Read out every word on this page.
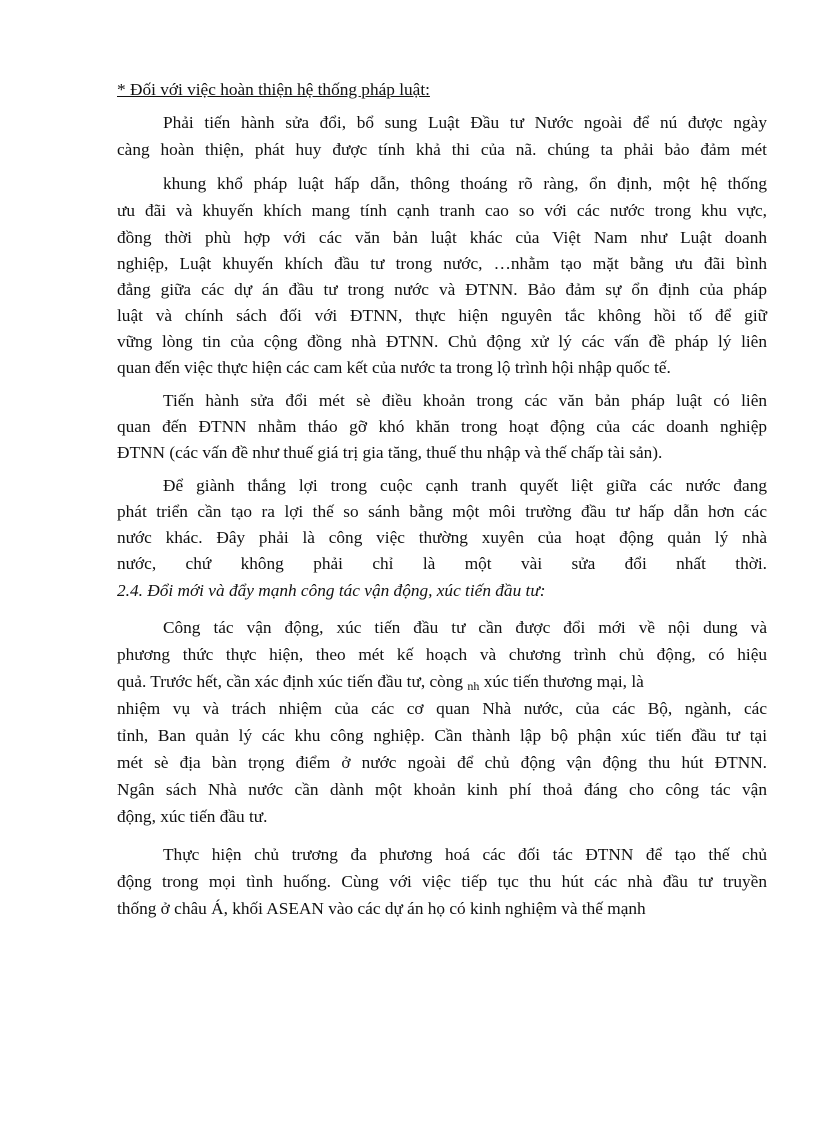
* Đối với việc hoàn thiện hệ thống pháp luật:
Phải tiến hành sửa đổi, bổ sung Luật Đầu tư Nước ngoài để nú được ngày
càng hoàn thiện, phát huy được tính khả thi của nã. chúng ta phải bảo đảm mét
khung khổ pháp luật hấp dẫn, thông thoáng rõ ràng, ổn định, một hệ thống
ưu đãi và khuyến khích mang tính cạnh tranh cao so với các nước trong khu vực,
đồng thời phù hợp với các văn bản luật khác của Việt Nam như Luật doanh
nghiệp, Luật khuyến khích đầu tư trong nước, …nhằm tạo mặt bằng ưu đãi bình
đẳng giữa các dự án đầu tư trong nước và ĐTNN. Bảo đảm sự ổn định của pháp
luật và chính sách đối với ĐTNN, thực hiện nguyên tắc không hồi tố để giữ
vững lòng tin của cộng đồng nhà ĐTNN. Chủ động xử lý các vấn đề pháp lý liên
quan đến việc thực hiện các cam kết của nước ta trong lộ trình hội nhập quốc tế.
Tiến hành sửa đổi mét sè điều khoản trong các văn bản pháp luật có liên
quan đến ĐTNN nhằm tháo gỡ khó khăn trong hoạt động của các doanh nghiệp
ĐTNN (các vấn đề như thuế giá trị gia tăng, thuế thu nhập và thế chấp tài sản).
Để giành thắng lợi trong cuộc cạnh tranh quyết liệt giữa các nước đang
phát triển cần tạo ra lợi thế so sánh bằng một môi trường đầu tư hấp dẫn hơn các
nước khác. Đây phải là công việc thường xuyên của hoạt động quản lý nhà
nước, chứ không phải chỉ là một vài sửa đổi nhất thời.
2.4. Đổi mới và đẩy mạnh công tác vận động, xúc tiến đầu tư:
Công tác vận động, xúc tiến đầu tư cần được đổi mới về nội dung và
phương thức thực hiện, theo mét kế hoạch và chương trình chủ động, có hiệu
quả. Trước hết, cần xác định xúc tiến đầu tư, còng nh xúc tiến thương mại, là
nhiệm vụ và trách nhiệm của các cơ quan Nhà nước, của các Bộ, ngành, các
tỉnh, Ban quản lý các khu công nghiệp. Cần thành lập bộ phận xúc tiến đầu tư tại
mét sè địa bàn trọng điểm ở nước ngoài để chủ động vận động thu hút ĐTNN.
Ngân sách Nhà nước cần dành một khoản kinh phí thoả đáng cho công tác vận
động, xúc tiến đầu tư.
Thực hiện chủ trương đa phương hoá các đối tác ĐTNN để tạo thế chủ
động trong mọi tình huống. Cùng với việc tiếp tục thu hút các nhà đầu tư truyền
thống ở châu Á, khối ASEAN vào các dự án họ có kinh nghiệm và thế mạnh
